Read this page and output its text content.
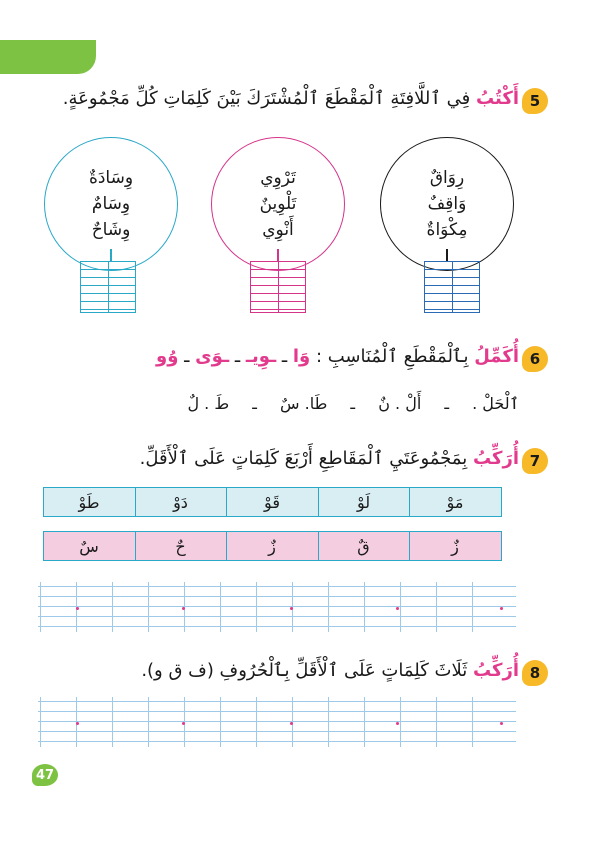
5
أَكْتُبُ فِي ٱللَّافِتَةِ ٱلْمَقْطَعَ ٱلْمُشْتَرَكَ بَيْنَ كَلِمَاتِ كُلِّ مَجْمُوعَةٍ.
رِوَاقٌ
وَاقِفٌ
مِكْوَاةٌ
تَرْوِي
تَلْوِينٌ
أَنْوِي
وِسَادَةٌ
وِسَامٌ
وِشَاحٌ
6
أُكَمِّلُ بِٱلْمَقْطَعِ ٱلْمُنَاسِبِ : وَا ـ ـوِيـ ـ ـوَى ـ وُو
ٱلْحَلْ . ـ أَلْ . نٌ ـ طَا. سٌ ـ طَ . لٌ
7
أُرَكِّبُ بِمَجْمُوعَتَيِ ٱلْمَقَاطِعِ أَرْبَعَ كَلِمَاتٍ عَلَى ٱلْأَقَلِّ.
مَوْ
لَوْ
قَوْ
دَوْ
طَوْ
زٌ
قٌ
زٌ
حٌ
سٌ
8
أُرَكِّبُ ثَلَاثَ كَلِمَاتٍ عَلَى ٱلْأَقَلِّ بِٱلْحُرُوفِ (ف ق و).
47
